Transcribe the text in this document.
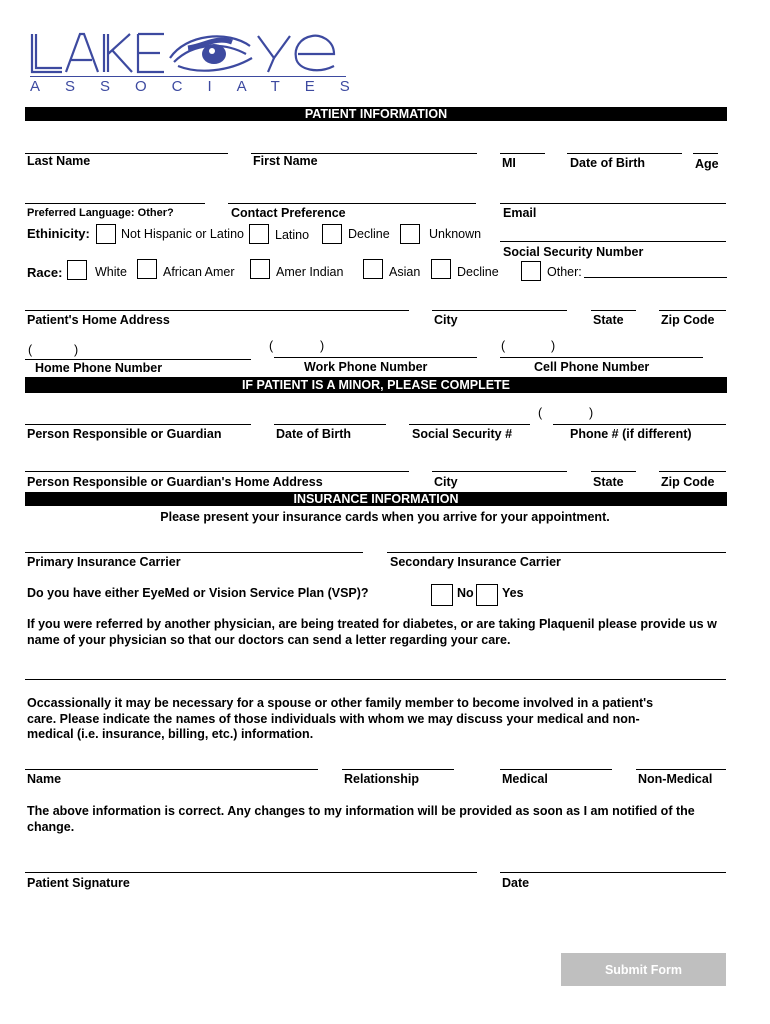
ASSOCIATES
PATIENT INFORMATION
Last Name	First Name	MI	Date of Birth	Age
Preferred Language: Other?	Contact Preference	Email
Ethinicity: Not Hispanic or Latino Latino	Decline	Unknown
Social Security Number
Race:	White	African Amer	Amer Indian	Asian	Decline	Other:
Patient's Home Address	City	State	Zip Code
(	)	(	)	(	)
Home Phone Number	Work Phone Number	Cell Phone Number
IF PATIENT IS A MINOR, PLEASE COMPLETE
(	)
Person Responsible or Guardian	Date of Birth	Social Security #	Phone # (if different)
Person Responsible or Guardian's Home Address	City	State	Zip Code
INSURANCE INFORMATION
Please present your insurance cards when you arrive for your appointment.
Primary Insurance Carrier	Secondary Insurance Carrier
Do you have either EyeMed or Vision Service Plan (VSP)?	No Yes
If you were referred by another physician, are being treated for diabetes, or are taking Plaquenil please provide us w
name of your physician so that our doctors can send a letter regarding your care.
Occassionally it may be necessary for a spouse or other family member to become involved in a patient's
care. Please indicate the names of those individuals with whom we may discuss your medical and non-
medical (i.e. insurance, billing, etc.) information.
Name	Relationship	Medical	Non-Medical
The above information is correct. Any changes to my information will be provided as soon as I am notified of the
change.
Patient Signature	Date
Submit Form
